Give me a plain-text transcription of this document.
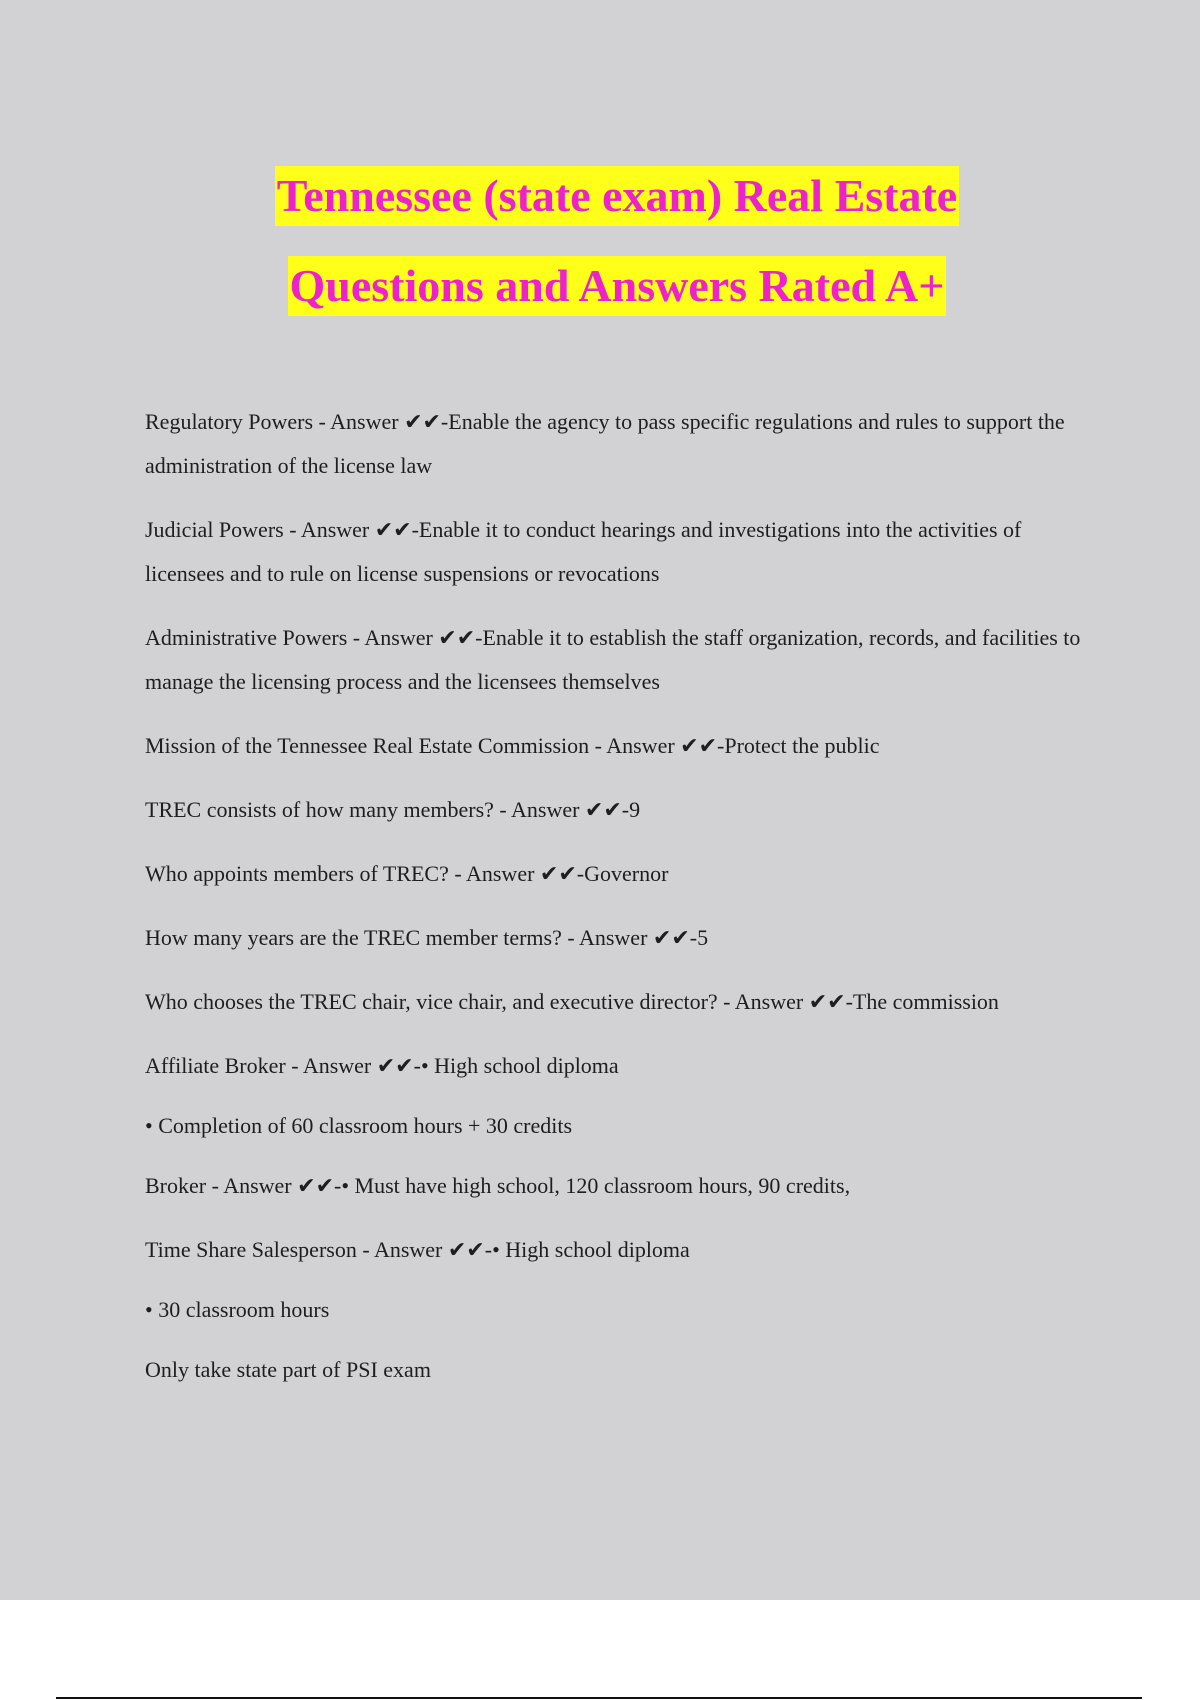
Tennessee (state exam) Real Estate
Questions and Answers Rated A+

Regulatory Powers - Answer ✔✔-Enable the agency to pass specific regulations and rules to support the administration of the license law

Judicial Powers - Answer ✔✔-Enable it to conduct hearings and investigations into the activities of licensees and to rule on license suspensions or revocations

Administrative Powers - Answer ✔✔-Enable it to establish the staff organization, records, and facilities to manage the licensing process and the licensees themselves

Mission of the Tennessee Real Estate Commission - Answer ✔✔-Protect the public

TREC consists of how many members? - Answer ✔✔-9

Who appoints members of TREC? - Answer ✔✔-Governor

How many years are the TREC member terms? - Answer ✔✔-5

Who chooses the TREC chair, vice chair, and executive director? - Answer ✔✔-The commission

Affiliate Broker - Answer ✔✔-• High school diploma

• Completion of 60 classroom hours + 30 credits

Broker - Answer ✔✔-• Must have high school, 120 classroom hours, 90 credits,

Time Share Salesperson - Answer ✔✔-• High school diploma

• 30 classroom hours

Only take state part of PSI exam
